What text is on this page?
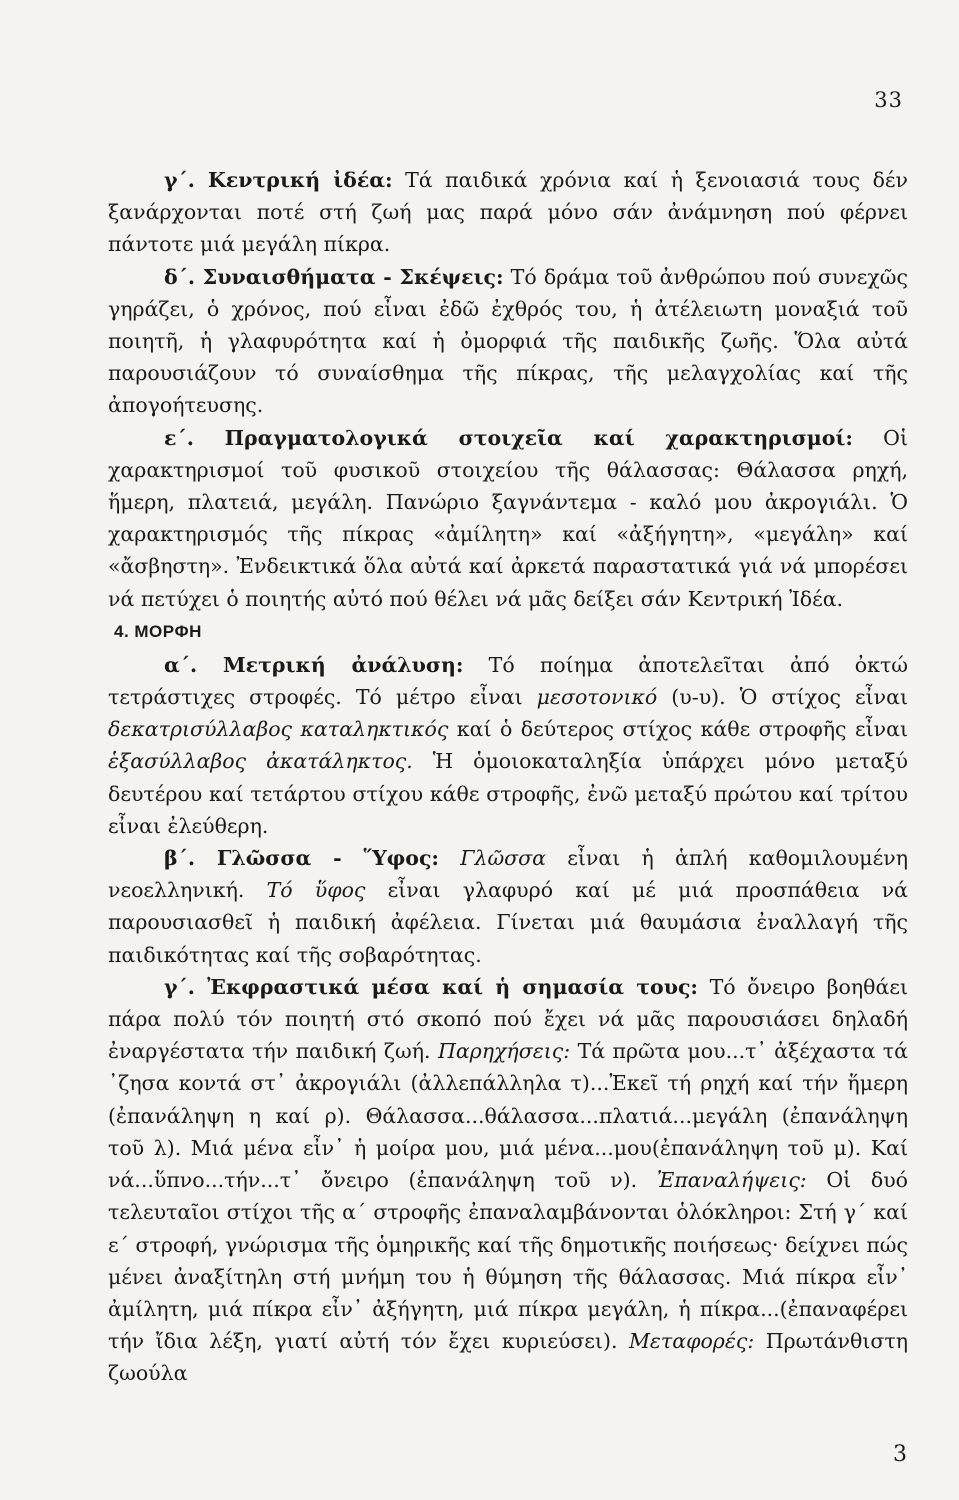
33

γ΄. Κεντρική ἰδέα: Τά παιδικά χρόνια καί ἡ ξενοιασιά τους δέν ξανάρχονται ποτέ στή ζωή μας παρά μόνο σάν ἀνάμνηση πού φέρνει πάντοτε μιά μεγάλη πίκρα.

δ΄. Συναισθήματα - Σκέψεις: Τό δράμα τοῦ ἀνθρώπου πού συνεχῶς γηράζει, ὁ χρόνος, πού εἶναι ἐδῶ ἐχθρός του, ἡ ἀτέλειωτη μοναξιά τοῦ ποιητῆ, ἡ γλαφυρότητα καί ἡ ὀμορφιά τῆς παιδικῆς ζωῆς. Ὅλα αὐτά παρουσιάζουν τό συναίσθημα τῆς πίκρας, τῆς μελαγχολίας καί τῆς ἀπογοήτευσης.

ε΄. Πραγματολογικά στοιχεῖα καί χαρακτηρισμοί: Οἱ χαρακτηρισμοί τοῦ φυσικοῦ στοιχείου τῆς θάλασσας: Θάλασσα ρηχή, ἥμερη, πλατειά, μεγάλη. Πανώριο ξαγνάντεμα - καλό μου ἀκρογιάλι. Ὁ χαρακτηρισμός τῆς πίκρας «ἀμίλητη» καί «ἀξήγητη», «μεγάλη» καί «ἄσβηστη». Ἐνδεικτικά ὅλα αὐτά καί ἀρκετά παραστατικά γιά νά μπορέσει νά πετύχει ὁ ποιητής αὐτό πού θέλει νά μᾶς δείξει σάν Κεντρική Ἰδέα.

4. ΜΟΡΦΗ

α΄. Μετρική ἀνάλυση: Τό ποίημα ἀποτελεῖται ἀπό ὀκτώ τετράστιχες στροφές. Τό μέτρο εἶναι μεσοτονικό (υ-υ). Ὁ στίχος εἶναι δεκατρισύλλαβος καταληκτικός καί ὁ δεύτερος στίχος κάθε στροφῆς εἶναι ἑξασύλλαβος ἀκατάληκτος. Ἡ ὁμοιοκαταληξία ὑπάρχει μόνο μεταξύ δευτέρου καί τετάρτου στίχου κάθε στροφῆς, ἐνῶ μεταξύ πρώτου καί τρίτου εἶναι ἐλεύθερη.

β΄. Γλῶσσα - Ὕφος: Γλῶσσα εἶναι ἡ ἁπλή καθομιλουμένη νεοελληνική. Τό ὕφος εἶναι γλαφυρό καί μέ μιά προσπάθεια νά παρουσιασθεῖ ἡ παιδική ἀφέλεια. Γίνεται μιά θαυμάσια ἐναλλαγή τῆς παιδικότητας καί τῆς σοβαρότητας.

γ΄. Ἐκφραστικά μέσα καί ἡ σημασία τους: Τό ὄνειρο βοηθάει πάρα πολύ τόν ποιητή στό σκοπό πού ἔχει νά μᾶς παρουσιάσει δηλαδή ἐναργέστατα τήν παιδική ζωή. Παρηχήσεις: Τά πρῶτα μου...τ᾽ ἀξέχαστα τά ᾽ζησα κοντά στ᾽ ἀκρογιάλι (ἀλλεπάλληλα τ)...Ἐκεῖ τή ρηχή καί τήν ἥμερη (ἐπανάληψη η καί ρ). Θάλασσα...θάλασσα...πλατιά...μεγάλη (ἐπανάληψη τοῦ λ). Μιά μένα εἶν᾽ ἡ μοίρα μου, μιά μένα...μου(ἐπανάληψη τοῦ μ). Καί νά...ὕπνο...τήν...τ᾽ ὄνειρο (ἐπανάληψη τοῦ ν). Ἐπαναλήψεις: Οἱ δυό τελευταῖοι στίχοι τῆς α΄ στροφῆς ἐπαναλαμβάνονται ὁλόκληροι: Στή γ΄ καί ε΄ στροφή, γνώρισμα τῆς ὁμηρικῆς καί τῆς δημοτικῆς ποιήσεως· δείχνει πώς μένει ἀναξίτηλη στή μνήμη του ἡ θύμηση τῆς θάλασσας. Μιά πίκρα εἶν᾽ ἀμίλητη, μιά πίκρα εἶν᾽ ἀξήγητη, μιά πίκρα μεγάλη, ἡ πίκρα...(ἐπαναφέρει τήν ἴδια λέξη, γιατί αὐτή τόν ἔχει κυριεύσει). Μεταφορές: Πρωτάνθιστη ζωούλα

3
